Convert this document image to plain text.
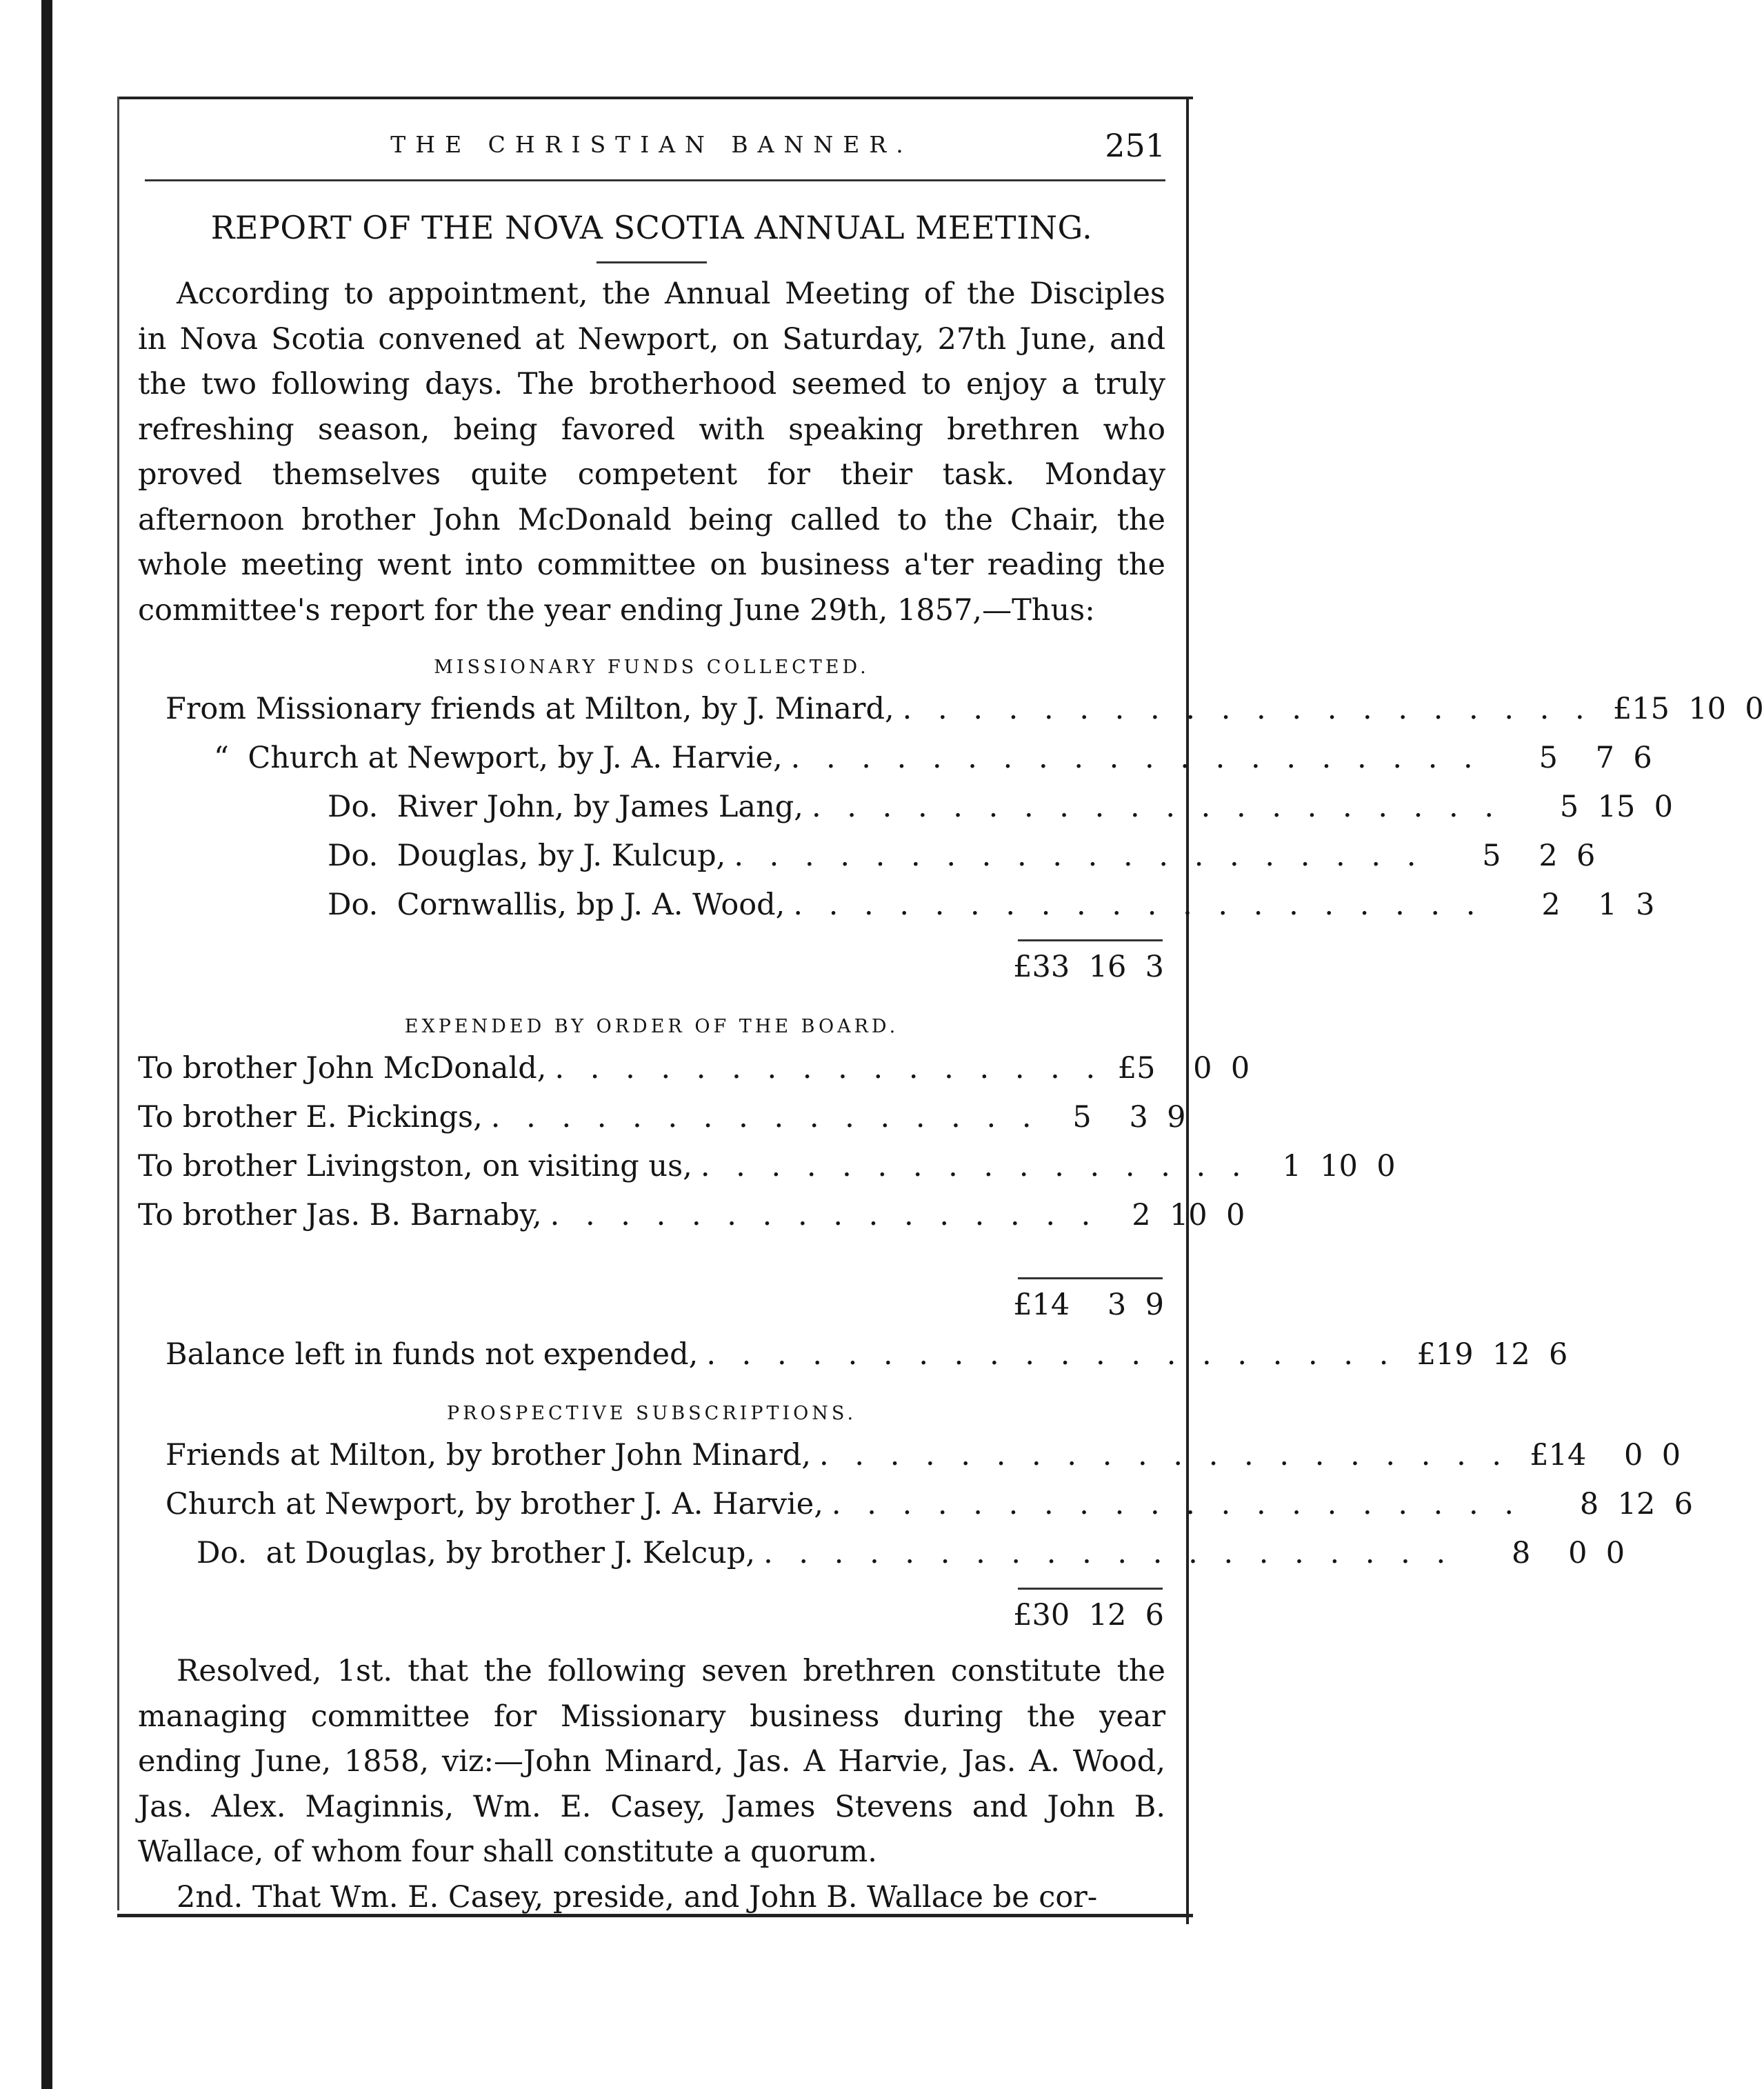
THE CHRISTIAN BANNER.	251
REPORT OF THE NOVA SCOTIA ANNUAL MEETING.

According to appointment, the Annual Meeting of the Disciples in Nova Scotia convened at Newport, on Saturday, 27th June, and the two following days. The brotherhood seemed to enjoy a truly refreshing season, being favored with speaking brethren who proved themselves quite competent for their task. Monday afternoon brother John McDonald being called to the Chair, the whole meeting went into committee on business a'ter reading the committee's report for the year ending June 29th, 1857,—Thus:

MISSIONARY FUNDS COLLECTED.
From Missionary friends at Milton, by J. Minard, . . . . . . . . . . . . . . . . . . . . £15  10  0
“  Church at Newport, by J. A. Harvie, . . . . . . . . . . . . . . . . . . . .	5    7  6
Do.  River John, by James Lang, . . . . . . . . . . . . . . . . . . . .	5  15  0
Do.  Douglas, by J. Kulcup, . . . . . . . . . . . . . . . . . . . .	5    2  6
Do.  Cornwallis, bp J. A. Wood, . . . . . . . . . . . . . . . . . . . .	2    1  3
£33  16  3
EXPENDED BY ORDER OF THE BOARD.
To brother John McDonald, . . . . . . . . . . . . . . . . £5    0  0
To brother E. Pickings, . . . . . . . . . . . . . . . .	5    3  9
To brother Livingston, on visiting us, . . . . . . . . . . . . . . . .	1  10  0
To brother Jas. B. Barnaby, . . . . . . . . . . . . . . . .	2  10  0
£14    3  9
Balance left in funds not expended, . . . . . . . . . . . . . . . . . . . . £19  12  6
PROSPECTIVE SUBSCRIPTIONS.
Friends at Milton, by brother John Minard, . . . . . . . . . . . . . . . . . . . . £14    0  0
Church at Newport, by brother J. A. Harvie, . . . . . . . . . . . . . . . . . . . .	8  12  6
Do.  at Douglas, by brother J. Kelcup, . . . . . . . . . . . . . . . . . . . .	8    0  0
£30  12  6

Resolved, 1st. that the following seven brethren constitute the managing committee for Missionary business during the year ending June, 1858, viz:—John Minard, Jas. A Harvie, Jas. A. Wood, Jas. Alex. Maginnis, Wm. E. Casey, James Stevens and John B. Wallace, of whom four shall constitute a quorum.

2nd. That Wm. E. Casey, preside, and John B. Wallace be cor-
